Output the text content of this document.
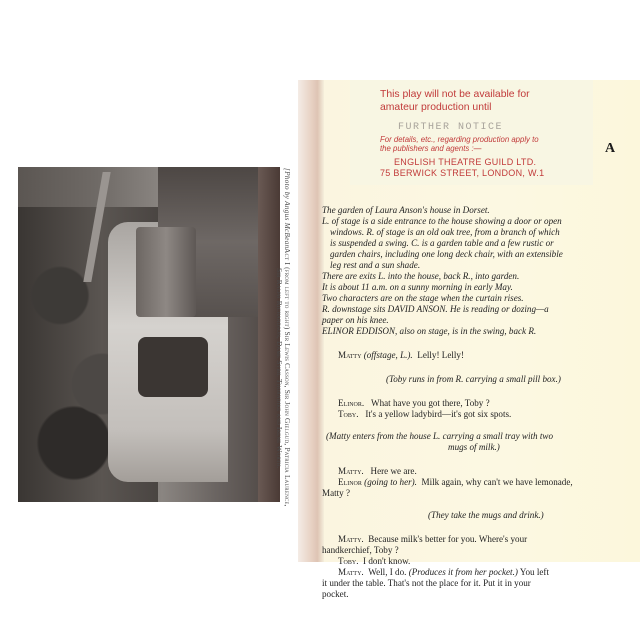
[Photo by Angus McBean.
Act I (from left to right) Sir Lewis Casson, Sir John Gielgud, Patricia Laurence,
Sir Ralph Richardson, Dame Sybil Thorndike and Irene Worth.
This play will not be available for
amateur production until
FURTHER NOTICE
For details, etc., regarding production apply to
the publishers and agents :—
ENGLISH THEATRE GUILD LTD.
75 BERWICK STREET, LONDON, W.1
A
The garden of Laura Anson's house in Dorset.
L. of stage is a side entrance to the house showing a door or open
windows. R. of stage is an old oak tree, from a branch of which
is suspended a swing. C. is a garden table and a few rustic or
garden chairs, including one long deck chair, with an extensible
leg rest and a sun shade.
There are exits L. into the house, back R., into garden.
It is about 11 a.m. on a sunny morning in early May.
Two characters are on the stage when the curtain rises.
R. downstage sits DAVID ANSON. He is reading or dozing—a
paper on his knee.
ELINOR EDDISON, also on stage, is in the swing, back R.
Matty (offstage, L.). Lelly! Lelly!
(Toby runs in from R. carrying a small pill box.)
Elinor. What have you got there, Toby ?
Toby. It's a yellow ladybird—it's got six spots.
(Matty enters from the house L. carrying a small tray with two
mugs of milk.)
Matty. Here we are.
Elinor (going to her). Milk again, why can't we have lemonade,
Matty ?
(They take the mugs and drink.)
Matty. Because milk's better for you. Where's your
handkerchief, Toby ?
Toby. I don't know.
Matty. Well, I do. (Produces it from her pocket.) You left
it under the table. That's not the place for it. Put it in your
pocket.
